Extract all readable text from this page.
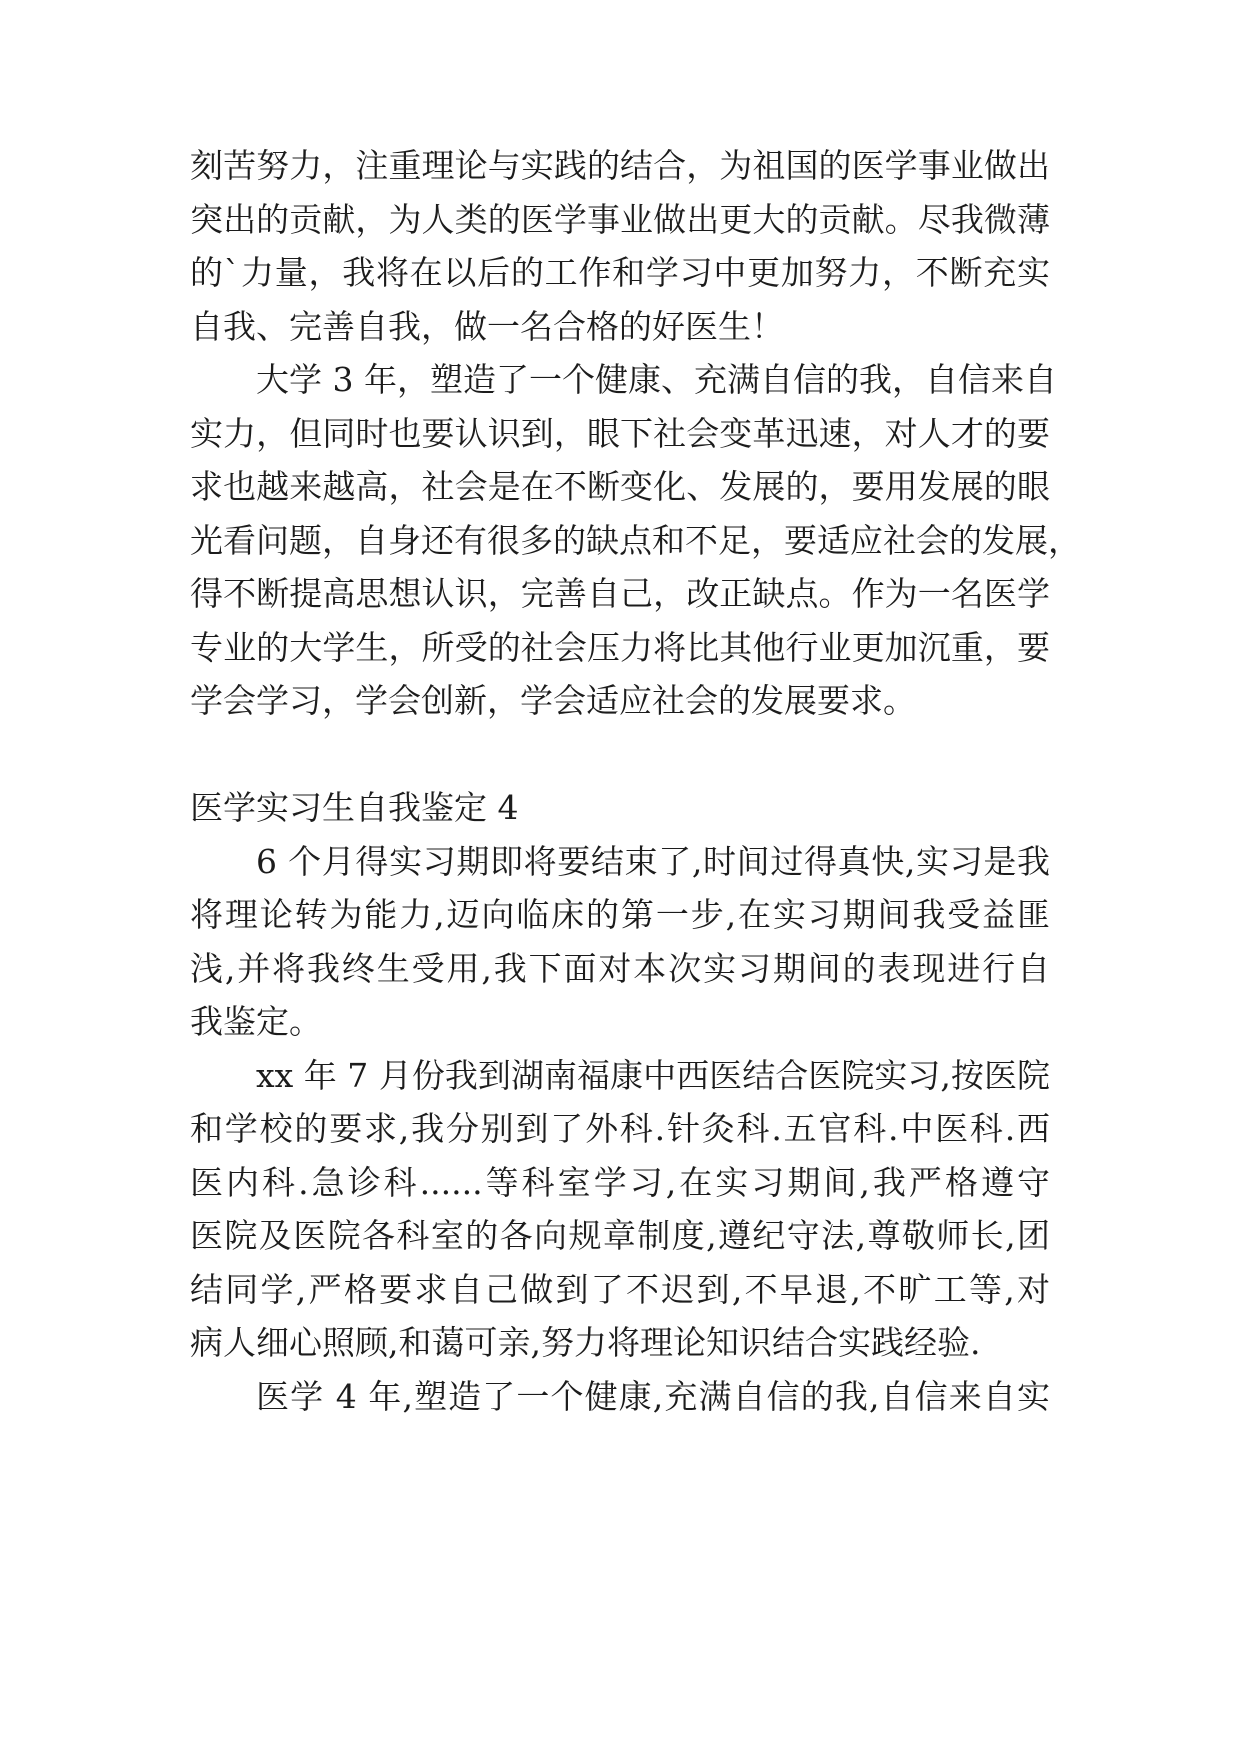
刻苦努力，注重理论与实践的结合，为祖国的医学事业做出
突出的贡献，为人类的医学事业做出更大的贡献。尽我微薄
的`力量，我将在以后的工作和学习中更加努力，不断充实
自我、完善自我，做一名合格的好医生！
大学 3 年，塑造了一个健康、充满自信的我，自信来自
实力，但同时也要认识到，眼下社会变革迅速，对人才的要
求也越来越高，社会是在不断变化、发展的，要用发展的眼
光看问题，自身还有很多的缺点和不足，要适应社会的发展，
得不断提高思想认识，完善自己，改正缺点。作为一名医学
专业的大学生，所受的社会压力将比其他行业更加沉重，要
学会学习，学会创新，学会适应社会的发展要求。
医学实习生自我鉴定 4
6 个月得实习期即将要结束了,时间过得真快,实习是我
将理论转为能力,迈向临床的第一步,在实习期间我受益匪
浅,并将我终生受用,我下面对本次实习期间的表现进行自
我鉴定。
xx 年 7 月份我到湖南福康中西医结合医院实习,按医院
和学校的要求,我分别到了外科.针灸科.五官科.中医科.西
医内科.急诊科......等科室学习,在实习期间,我严格遵守
医院及医院各科室的各向规章制度,遵纪守法,尊敬师长,团
结同学,严格要求自己做到了不迟到,不早退,不旷工等,对
病人细心照顾,和蔼可亲,努力将理论知识结合实践经验.
医学 4 年,塑造了一个健康,充满自信的我,自信来自实
